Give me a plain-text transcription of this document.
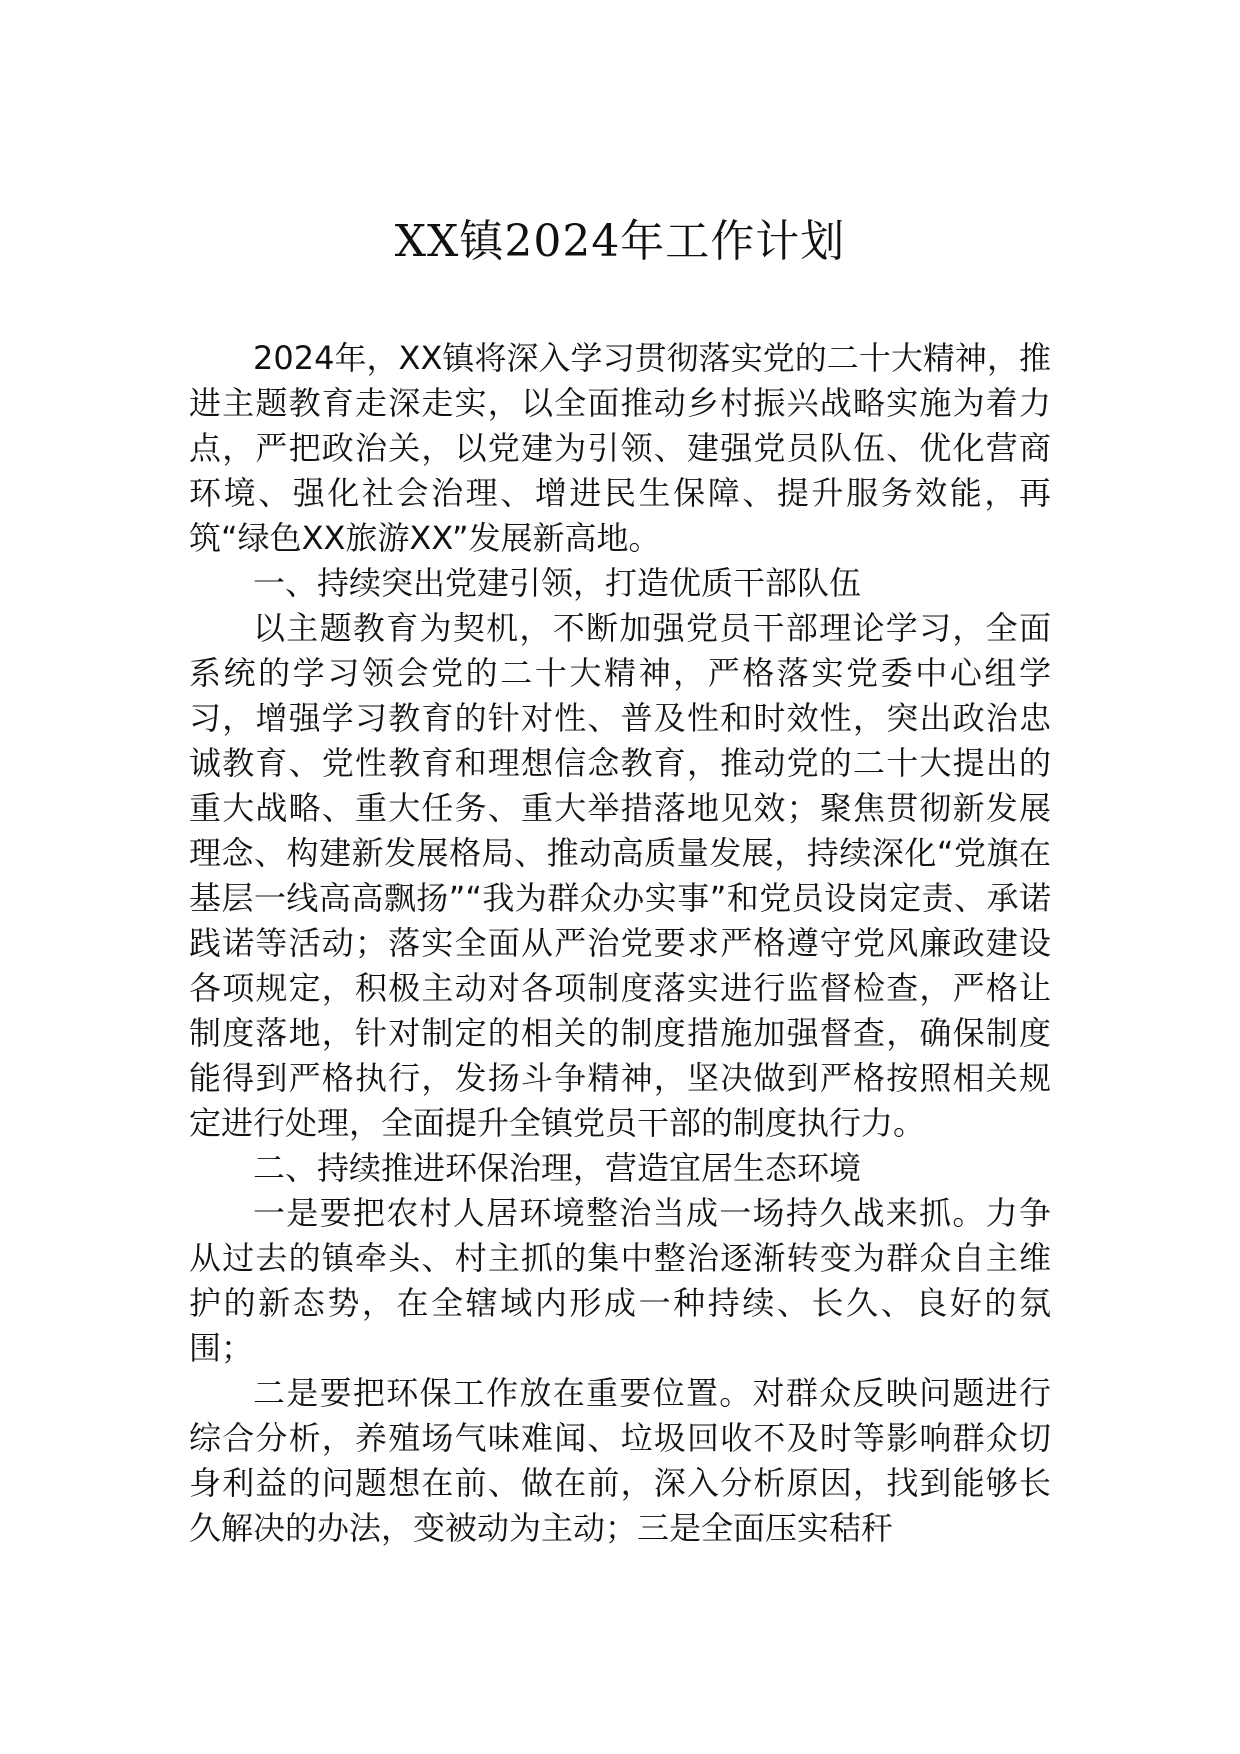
XX镇2024年工作计划

2024年，XX镇将深入学习贯彻落实党的二十大精神，推进主题教育走深走实，以全面推动乡村振兴战略实施为着力点，严把政治关，以党建为引领、建强党员队伍、优化营商环境、强化社会治理、增进民生保障、提升服务效能，再筑“绿色XX旅游XX”发展新高地。

一、持续突出党建引领，打造优质干部队伍

以主题教育为契机，不断加强党员干部理论学习，全面系统的学习领会党的二十大精神，严格落实党委中心组学习，增强学习教育的针对性、普及性和时效性，突出政治忠诚教育、党性教育和理想信念教育，推动党的二十大提出的重大战略、重大任务、重大举措落地见效；聚焦贯彻新发展理念、构建新发展格局、推动高质量发展，持续深化“党旗在基层一线高高飘扬”“我为群众办实事”和党员设岗定责、承诺践诺等活动；落实全面从严治党要求严格遵守党风廉政建设各项规定，积极主动对各项制度落实进行监督检查，严格让制度落地，针对制定的相关的制度措施加强督查，确保制度能得到严格执行，发扬斗争精神，坚决做到严格按照相关规定进行处理，全面提升全镇党员干部的制度执行力。

二、持续推进环保治理，营造宜居生态环境

一是要把农村人居环境整治当成一场持久战来抓。力争从过去的镇牵头、村主抓的集中整治逐渐转变为群众自主维护的新态势，在全辖域内形成一种持续、长久、良好的氛围；

二是要把环保工作放在重要位置。对群众反映问题进行综合分析，养殖场气味难闻、垃圾回收不及时等影响群众切身利益的问题想在前、做在前，深入分析原因，找到能够长久解决的办法，变被动为主动；三是全面压实秸秆
